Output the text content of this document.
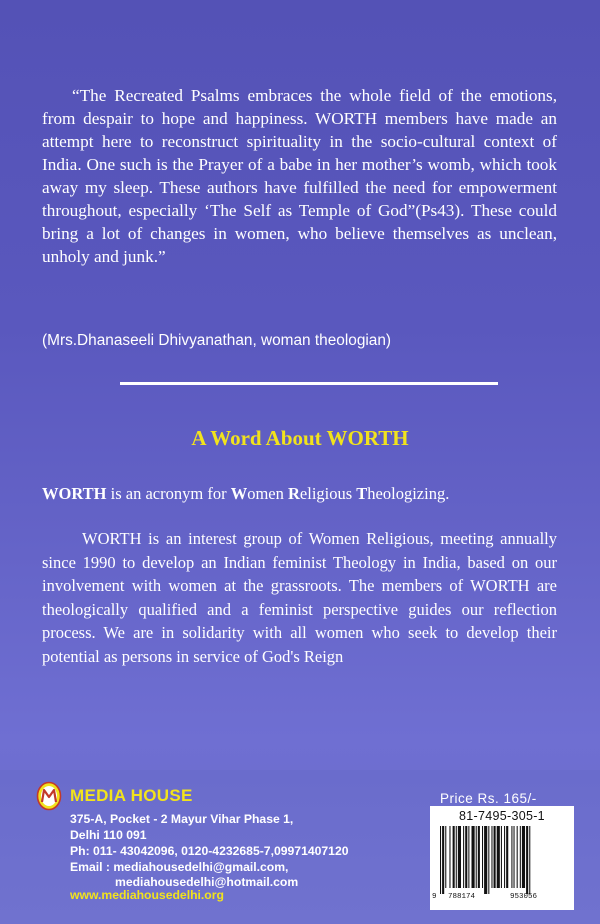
“The Recreated Psalms embraces the whole field of the emotions, from despair to hope and happiness. WORTH members have made an attempt here to reconstruct spirituality in the socio-cultural context of India. One such is the Prayer of a babe in her mother’s womb, which took away my sleep. These authors have fulfilled the need for empowerment throughout, especially ‘The Self as Temple of God”(Ps43). These could bring a lot of changes in women, who believe themselves as unclean, unholy and junk.”

(Mrs.Dhanaseeli Dhivyanathan, woman theologian)
A Word About WORTH
WORTH is an acronym for Women Religious Theologizing.

WORTH is an interest group of Women Religious, meeting annually since 1990 to develop an Indian feminist Theology in India, based on our involvement with women at the grassroots. The members of WORTH are theologically qualified and a feminist perspective guides our reflection process. We are in solidarity with all women who seek to develop their potential as persons in service of God's Reign

MEDIA HOUSE
375-A, Pocket - 2 Mayur Vihar Phase 1,
Delhi 110 091
Ph: 011- 43042096, 0120-4232685-7,09971407120
Email : mediahousedelhi@gmail.com,
mediahousedelhi@hotmail.com
www.mediahousedelhi.org
Price Rs. 165/-
81-7495-305-1
9 788174	953056
